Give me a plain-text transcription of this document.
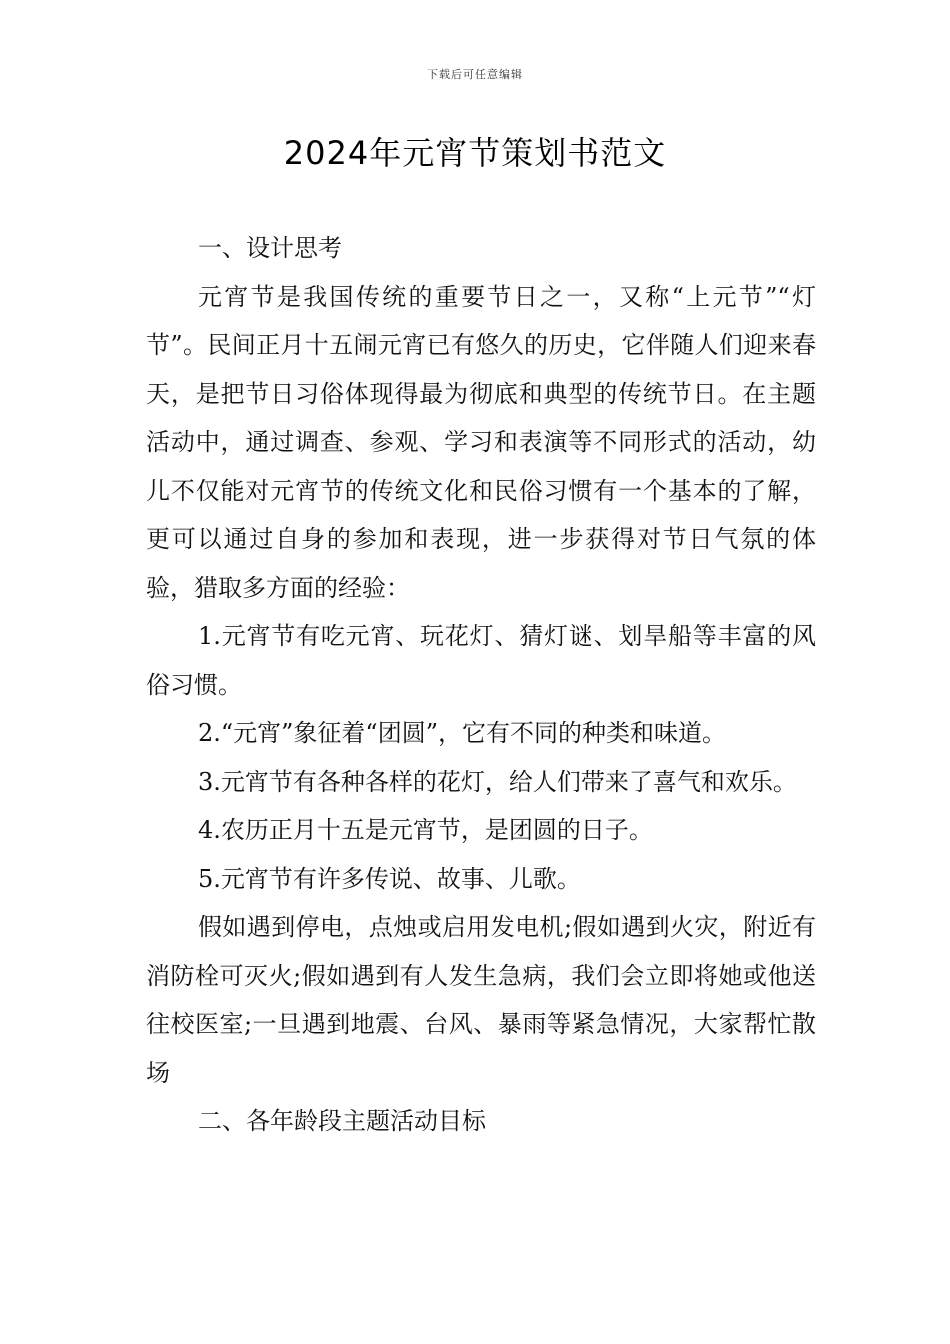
下载后可任意编辑
2024年元宵节策划书范文

一、设计思考

元宵节是我国传统的重要节日之一，又称“上元节”“灯节”。民间正月十五闹元宵已有悠久的历史，它伴随人们迎来春天，是把节日习俗体现得最为彻底和典型的传统节日。在主题活动中，通过调查、参观、学习和表演等不同形式的活动，幼儿不仅能对元宵节的传统文化和民俗习惯有一个基本的了解，更可以通过自身的参加和表现，进一步获得对节日气氛的体验，猎取多方面的经验：

1.元宵节有吃元宵、玩花灯、猜灯谜、划旱船等丰富的风俗习惯。

2.“元宵”象征着“团圆”，它有不同的种类和味道。

3.元宵节有各种各样的花灯，给人们带来了喜气和欢乐。

4.农历正月十五是元宵节，是团圆的日子。

5.元宵节有许多传说、故事、儿歌。

假如遇到停电，点烛或启用发电机;假如遇到火灾，附近有消防栓可灭火;假如遇到有人发生急病，我们会立即将她或他送往校医室;一旦遇到地震、台风、暴雨等紧急情况，大家帮忙散场

二、各年龄段主题活动目标
